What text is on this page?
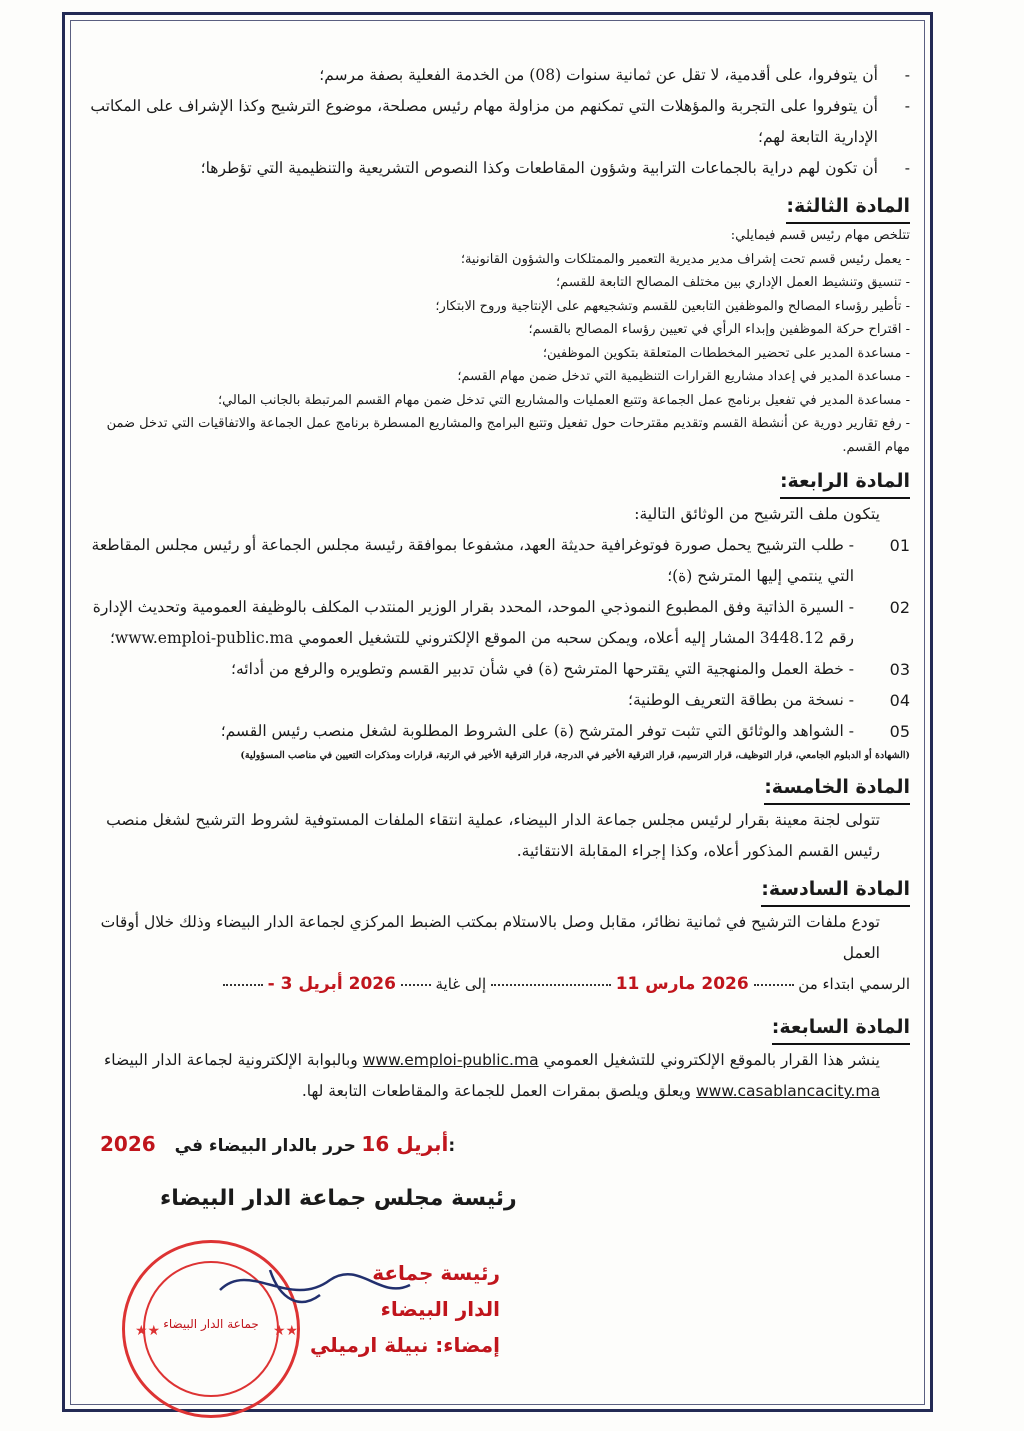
- أن يتوفروا، على أقدمية، لا تقل عن ثمانية سنوات (08) من الخدمة الفعلية بصفة مرسم؛
- أن يتوفروا على التجربة والمؤهلات التي تمكنهم من مزاولة مهام رئيس مصلحة، موضوع الترشيح وكذا الإشراف على المكاتب الإدارية التابعة لهم؛
- أن تكون لهم دراية بالجماعات الترابية وشؤون المقاطعات وكذا النصوص التشريعية والتنظيمية التي تؤطرها؛
المادة الثالثة:
تتلخص مهام رئيس قسم فيمايلي:
- يعمل رئيس قسم تحت إشراف مدير مديرية التعمير والممتلكات والشؤون القانونية؛
- تنسيق وتنشيط العمل الإداري بين مختلف المصالح التابعة للقسم؛
- تأطير رؤساء المصالح والموظفين التابعين للقسم وتشجيعهم على الإنتاجية وروح الابتكار؛
- اقتراح حركة الموظفين وإبداء الرأي في تعيين رؤساء المصالح بالقسم؛
- مساعدة المدير على تحضير المخططات المتعلقة بتكوين الموظفين؛
- مساعدة المدير في إعداد مشاريع القرارات التنظيمية التي تدخل ضمن مهام القسم؛
- مساعدة المدير في تفعيل برنامج عمل الجماعة وتتبع العمليات والمشاريع التي تدخل ضمن مهام القسم المرتبطة بالجانب المالي؛
- رفع تقارير دورية عن أنشطة القسم وتقديم مقترحات حول تفعيل وتتبع البرامج والمشاريع المسطرة برنامج عمل الجماعة والاتفاقيات التي تدخل ضمن مهام القسم.
المادة الرابعة:
يتكون ملف الترشيح من الوثائق التالية:
01
- طلب الترشيح يحمل صورة فوتوغرافية حديثة العهد، مشفوعا بموافقة رئيسة مجلس الجماعة أو رئيس مجلس المقاطعة التي ينتمي إليها المترشح (ة)؛
02
- السيرة الذاتية وفق المطبوع النموذجي الموحد، المحدد بقرار الوزير المنتدب المكلف بالوظيفة العمومية وتحديث الإدارة رقم 3448.12 المشار إليه أعلاه، ويمكن سحبه من الموقع الإلكتروني للتشغيل العمومي www.emploi-public.ma؛
03
- خطة العمل والمنهجية التي يقترحها المترشح (ة) في شأن تدبير القسم وتطويره والرفع من أدائه؛
04
- نسخة من بطاقة التعريف الوطنية؛
05
- الشواهد والوثائق التي تثبت توفر المترشح (ة) على الشروط المطلوبة لشغل منصب رئيس القسم؛
(الشهادة أو الدبلوم الجامعي، قرار التوظيف، قرار الترسيم، قرار الترقية الأخير في الدرجة، قرار الترقية الأخير في الرتبة، قرارات ومذكرات التعيين في مناصب المسؤولية)
المادة الخامسة:
تتولى لجنة معينة بقرار لرئيس مجلس جماعة الدار البيضاء، عملية انتقاء الملفات المستوفية لشروط الترشيح لشغل منصب رئيس القسم المذكور أعلاه، وكذا إجراء المقابلة الانتقائية.
المادة السادسة:
تودع ملفات الترشيح في ثمانية نظائر، مقابل وصل بالاستلام بمكتب الضبط المركزي لجماعة الدار البيضاء وذلك خلال أوقات العمل
الرسمي ابتداء من  2026 مارس 11  إلى غاية  2026 أبريل 3 -
المادة السابعة:
ينشر هذا القرار بالموقع الإلكتروني للتشغيل العمومي www.emploi-public.ma وبالبوابة الإلكترونية لجماعة الدار البيضاء www.casablancacity.ma ويعلق ويلصق بمقرات العمل للجماعة والمقاطعات التابعة لها.
2026 أبريل 16 حرر بالدار البيضاء في:
رئيسة مجلس جماعة الدار البيضاء
★★	★★
جماعة الدار البيضاء
رئيسة جماعة
الدار البيضاء
إمضاء: نبيلة ارميلي
